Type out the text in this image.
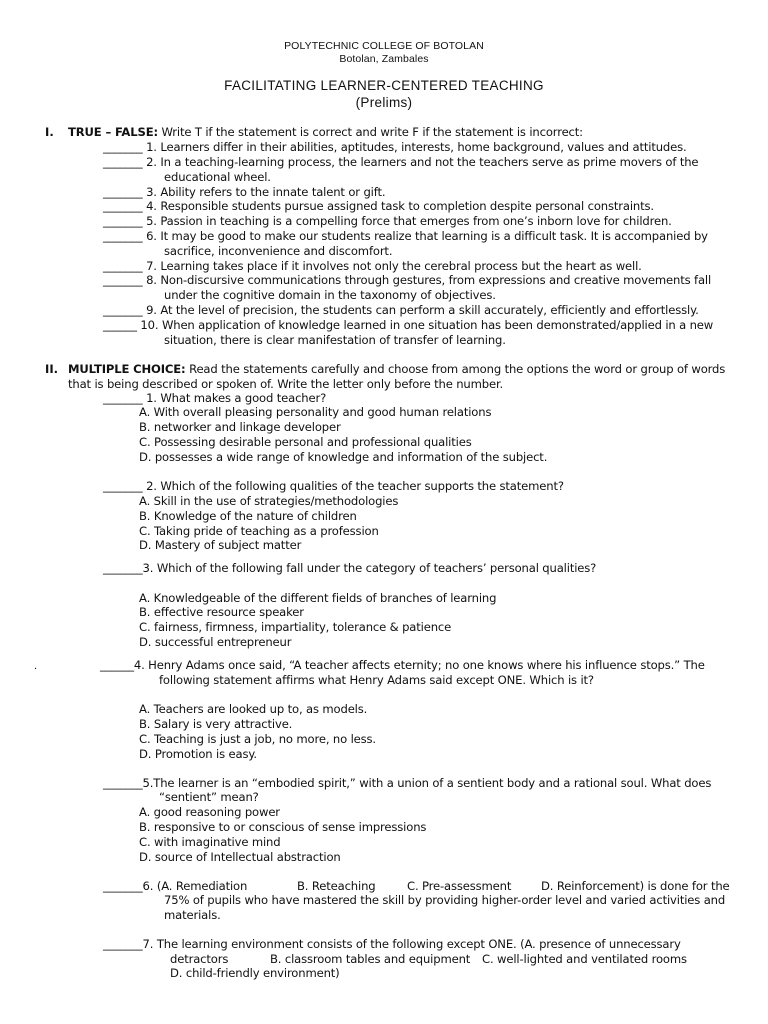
POLYTECHNIC COLLEGE OF BOTOLAN
Botolan, Zambales
FACILITATING LEARNER-CENTERED TEACHING
(Prelims)
I. TRUE – FALSE: Write T if the statement is correct and write F if the statement is incorrect:
_______ 1. Learners differ in their abilities, aptitudes, interests, home background, values and attitudes.
_______ 2. In a teaching-learning process, the learners and not the teachers serve as prime movers of the
educational wheel.
_______ 3. Ability refers to the innate talent or gift.
_______ 4. Responsible students pursue assigned task to completion despite personal constraints.
_______ 5. Passion in teaching is a compelling force that emerges from one’s inborn love for children.
_______ 6. It may be good to make our students realize that learning is a difficult task. It is accompanied by
sacrifice, inconvenience and discomfort.
_______ 7. Learning takes place if it involves not only the cerebral process but the heart as well.
_______ 8. Non-discursive communications through gestures, from expressions and creative movements fall
under the cognitive domain in the taxonomy of objectives.
_______ 9. At the level of precision, the students can perform a skill accurately, efficiently and effortlessly.
______ 10. When application of knowledge learned in one situation has been demonstrated/applied in a new
situation, there is clear manifestation of transfer of learning.
II. MULTIPLE CHOICE: Read the statements carefully and choose from among the options the word or group of words
that is being described or spoken of. Write the letter only before the number.
_______ 1. What makes a good teacher?
A. With overall pleasing personality and good human relations
B. networker and linkage developer
C. Possessing desirable personal and professional qualities
D. possesses a wide range of knowledge and information of the subject.
_______ 2. Which of the following qualities of the teacher supports the statement?
A. Skill in the use of strategies/methodologies
B. Knowledge of the nature of children
C. Taking pride of teaching as a profession
D. Mastery of subject matter
_______3. Which of the following fall under the category of teachers’ personal qualities?
A. Knowledgeable of the different fields of branches of learning
B. effective resource speaker
C. fairness, firmness, impartiality, tolerance & patience
D. successful entrepreneur
.	______4. Henry Adams once said, “A teacher affects eternity; no one knows where his influence stops.” The
following statement affirms what Henry Adams said except ONE. Which is it?
A. Teachers are looked up to, as models.
B. Salary is very attractive.
C. Teaching is just a job, no more, no less.
D. Promotion is easy.
_______5.The learner is an “embodied spirit,” with a union of a sentient body and a rational soul. What does
“sentient” mean?
A. good reasoning power
B. responsive to or conscious of sense impressions
C. with imaginative mind
D. source of Intellectual abstraction
_______6. (A. Remediation	B. Reteaching	C. Pre-assessment	D. Reinforcement) is done for the
75% of pupils who have mastered the skill by providing higher-order level and varied activities and
materials.
_______7. The learning environment consists of the following except ONE. (A. presence of unnecessary
detractors	B. classroom tables and equipment C. well-lighted and ventilated rooms
D. child-friendly environment)
